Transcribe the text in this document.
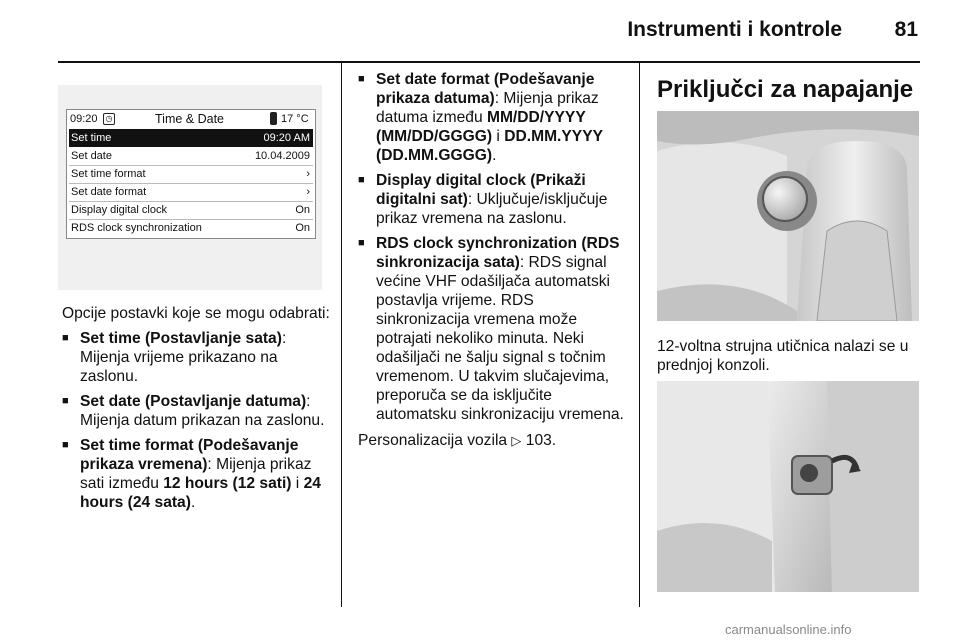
Instrumenti i kontrole	81
09:20 ◷	Time & Date	17 °C
Set time	09:20 AM
Set date	10.04.2009
Set time format	›
Set date format	›
Display digital clock	On
RDS clock synchronization	On

Opcije postavki koje se mogu odabrati:

■ Set time (Postavljanje sata): Mijenja vrijeme prikazano na zaslonu.
■ Set date (Postavljanje datuma): Mijenja datum prikazan na zaslonu.
■ Set time format (Podešavanje prikaza vremena): Mijenja prikaz sati između 12 hours (12 sati) i 24 hours (24 sata).
■ Set date format (Podešavanje prikaza datuma): Mijenja prikaz datuma između MM/DD/YYYY (MM/DD/GGGG) i DD.MM.YYYY (DD.MM.GGGG).
■ Display digital clock (Prikaži digitalni sat): Uključuje/isključuje prikaz vremena na zaslonu.
■ RDS clock synchronization (RDS sinkronizacija sata): RDS signal većine VHF odašiljača automatski postavlja vrijeme. RDS sinkronizacija vremena može potrajati nekoliko minuta. Neki odašiljači ne šalju signal s točnim vremenom. U takvim slučajevima, preporuča se da isključite automatsku sinkronizaciju vremena.

Personalizacija vozila ▷ 103.

Priključci za napajanje

12-voltna strujna utičnica nalazi se u prednjoj konzoli.

carmanualsonline.info
